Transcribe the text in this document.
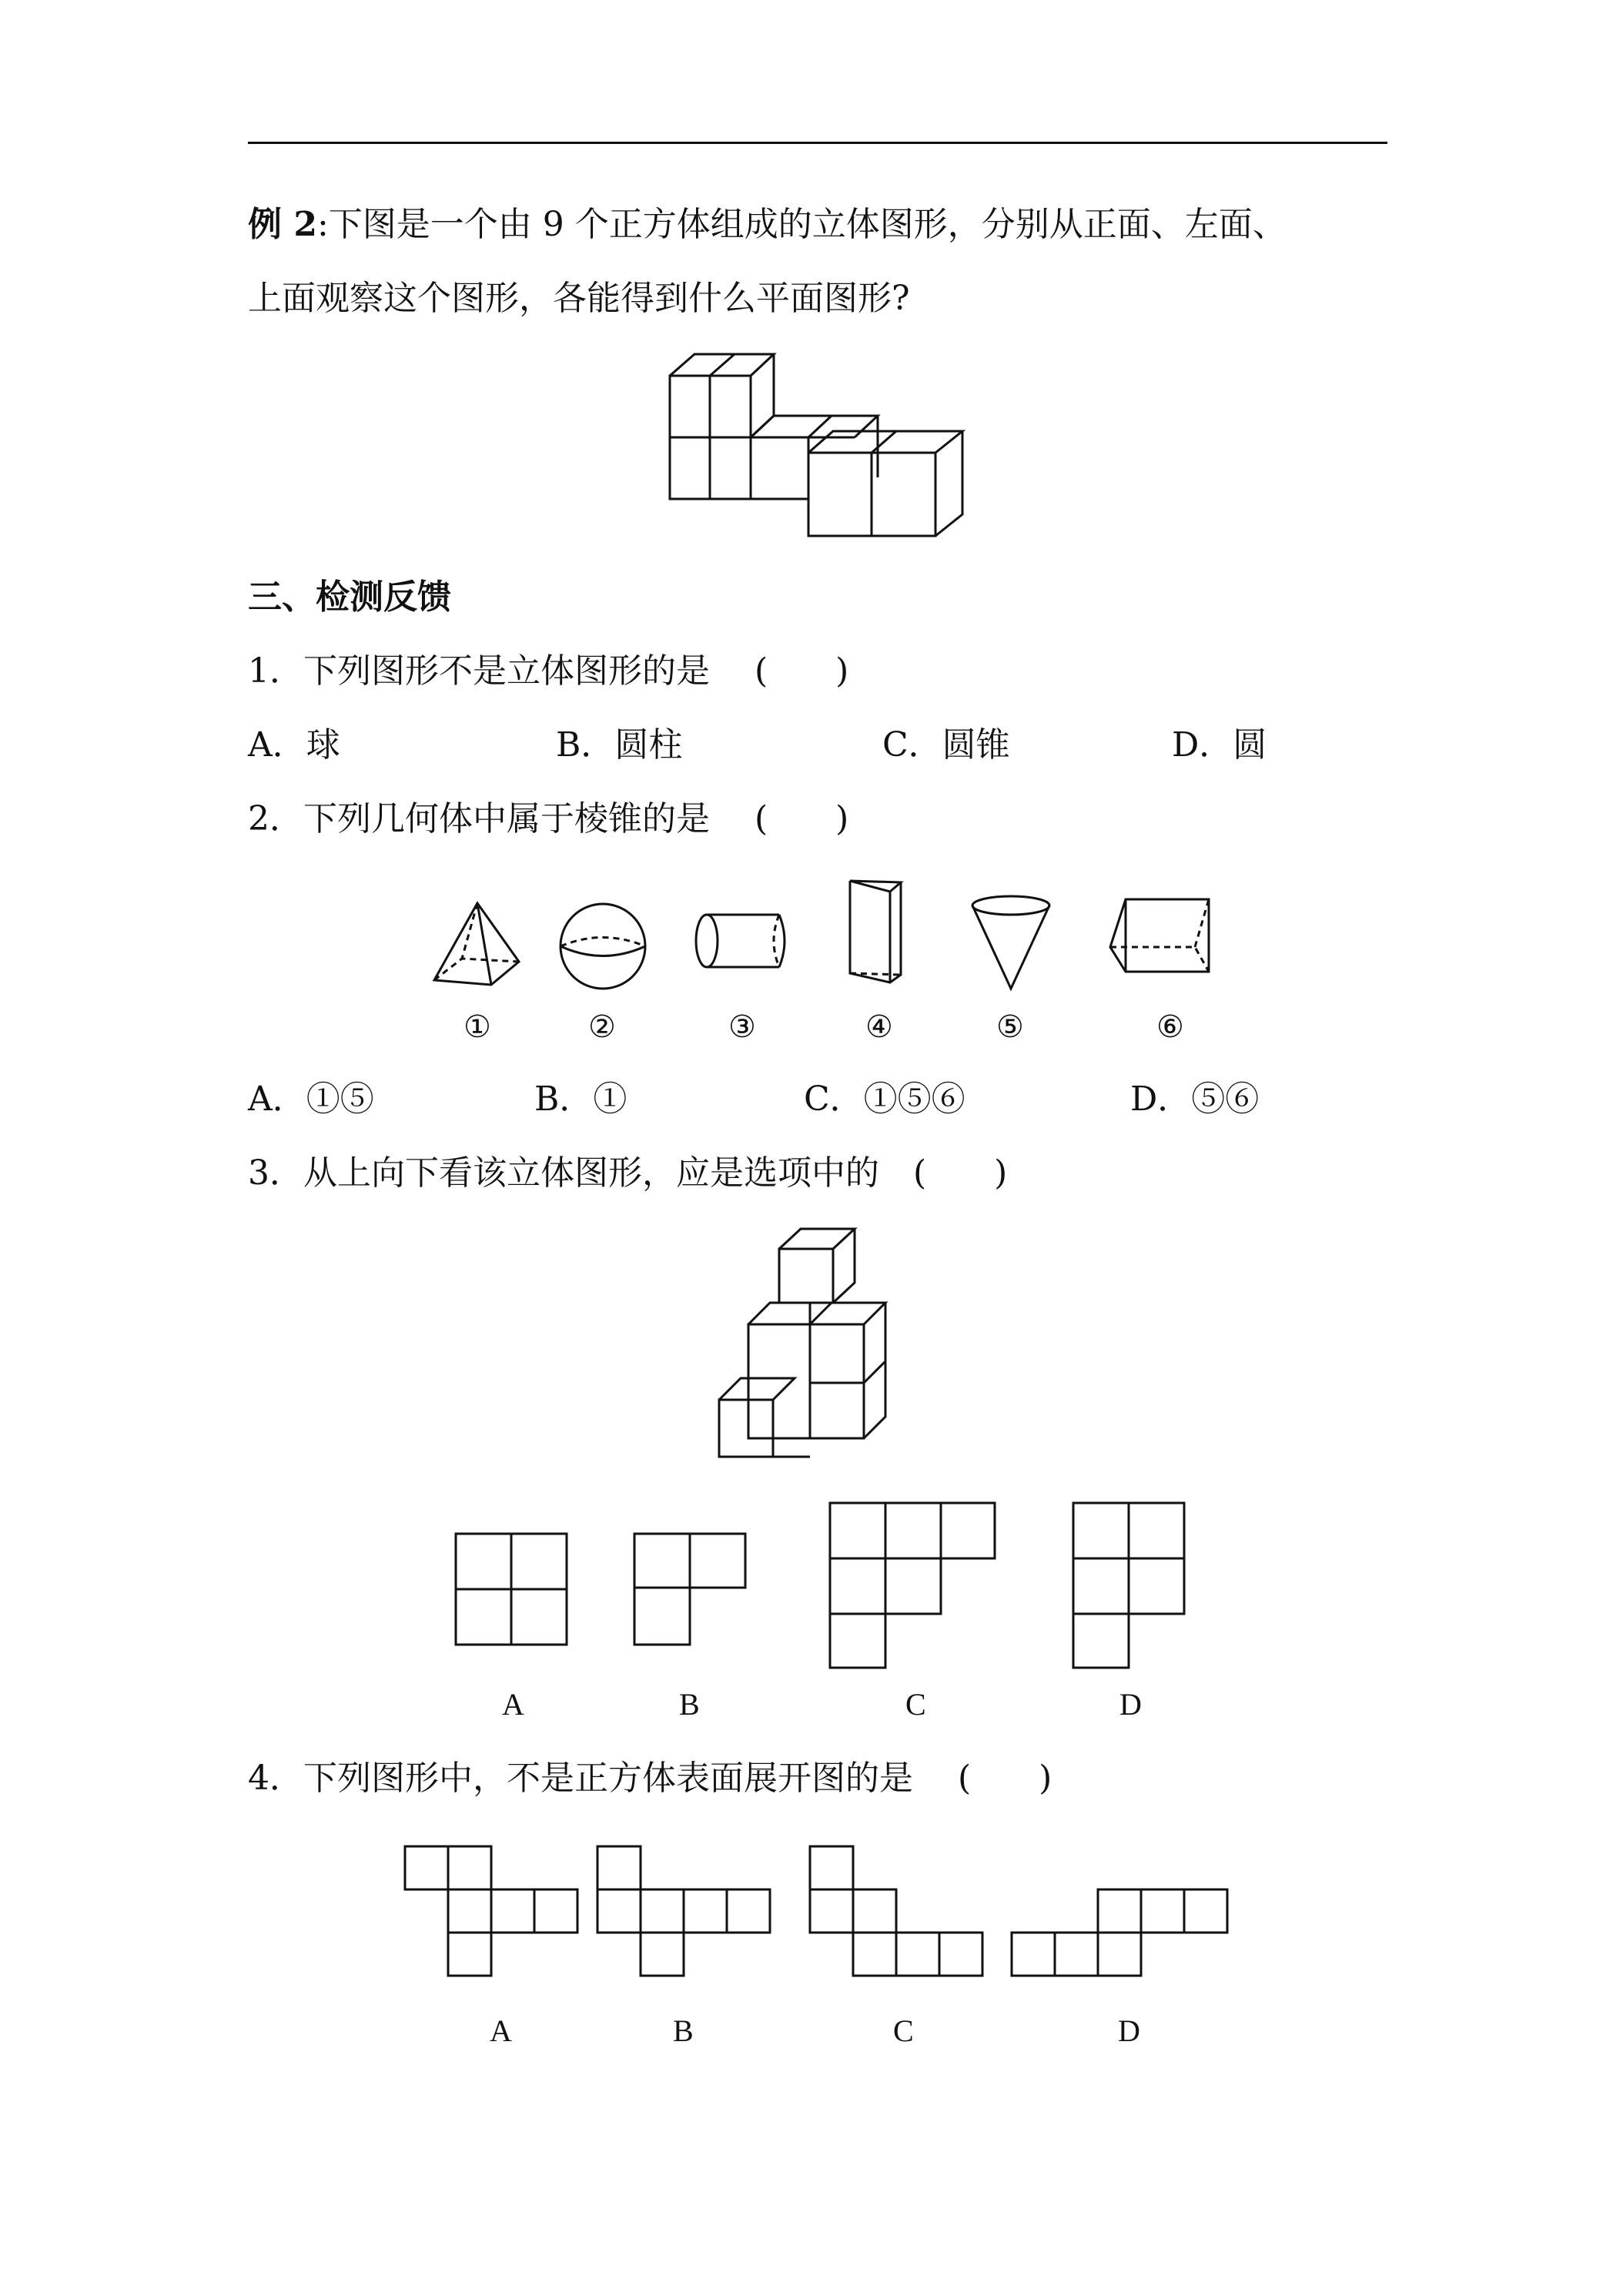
例 2:下图是一个由 9 个正方体组成的立体图形，分别从正面、左面、
上面观察这个图形，各能得到什么平面图形?
三、检测反馈
1．下列图形不是立体图形的是　 (　　)
A．球	B．圆柱	C．圆锥	D．圆
2．下列几何体中属于棱锥的是　 (　　)
①	②	③	④	⑤	⑥
A．①⑤	B．①	C．①⑤⑥	D．⑤⑥
3．从上向下看该立体图形，应是选项中的　(　　)
A	B	C	D
4．下列图形中，不是正方体表面展开图的是　 (　　)
A	B	C	D
